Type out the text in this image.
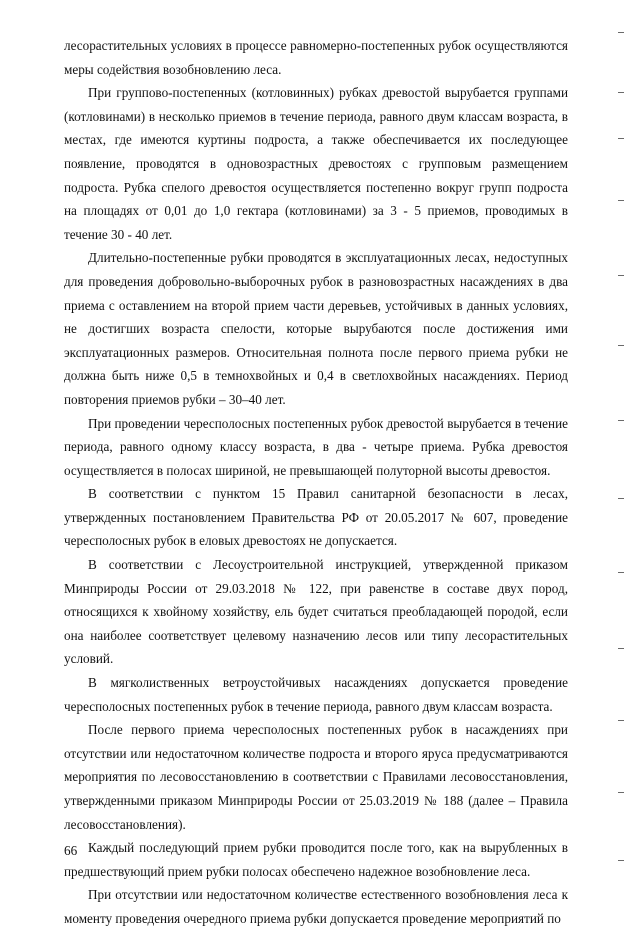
лесорастительных условиях в процессе равномерно-постепенных рубок осуществляются меры содействия возобновлению леса.

При группово-постепенных (котловинных) рубках древостой вырубается группами (котловинами) в несколько приемов в течение периода, равного двум классам возраста, в местах, где имеются куртины подроста, а также обеспечивается их последующее появление, проводятся в одновозрастных древостоях с групповым размещением подроста. Рубка спелого древостоя осуществляется постепенно вокруг групп подроста на площадях от 0,01 до 1,0 гектара (котловинами) за 3 - 5 приемов, проводимых в течение 30 - 40 лет.

Длительно-постепенные рубки проводятся в эксплуатационных лесах, недоступных для проведения добровольно-выборочных рубок в разновозрастных насаждениях в два приема с оставлением на второй прием части деревьев, устойчивых в данных условиях, не достигших возраста спелости, которые вырубаются после достижения ими эксплуатационных размеров. Относительная полнота после первого приема рубки не должна быть ниже 0,5 в темнохвойных и 0,4 в светлохвойных насаждениях. Период повторения приемов рубки – 30–40 лет.

При проведении чересполосных постепенных рубок древостой вырубается в течение периода, равного одному классу возраста, в два - четыре приема. Рубка древостоя осуществляется в полосах шириной, не превышающей полуторной высоты древостоя.

В соответствии с пунктом 15 Правил санитарной безопасности в лесах, утвержденных постановлением Правительства РФ от 20.05.2017 № 607, проведение чересполосных рубок в еловых древостоях не допускается.

В соответствии с Лесоустроительной инструкцией, утвержденной приказом Минприроды России от 29.03.2018 № 122, при равенстве в составе двух пород, относящихся к хвойному хозяйству, ель будет считаться преобладающей породой, если она наиболее соответствует целевому назначению лесов или типу лесорастительных условий.

В мягколиственных ветроустойчивых насаждениях допускается проведение чересполосных постепенных рубок в течение периода, равного двум классам возраста.

После первого приема чересполосных постепенных рубок в насаждениях при отсутствии или недостаточном количестве подроста и второго яруса предусматриваются мероприятия по лесовосстановлению в соответствии с Правилами лесовосстановления, утвержденными приказом Минприроды России от 25.03.2019 № 188 (далее – Правила лесовосстановления).

Каждый последующий прием рубки проводится после того, как на вырубленных в предшествующий прием рубки полосах обеспечено надежное возобновление леса.

При отсутствии или недостаточном количестве естественного возобновления леса к моменту проведения очередного приема рубки допускается проведение мероприятий по

66
